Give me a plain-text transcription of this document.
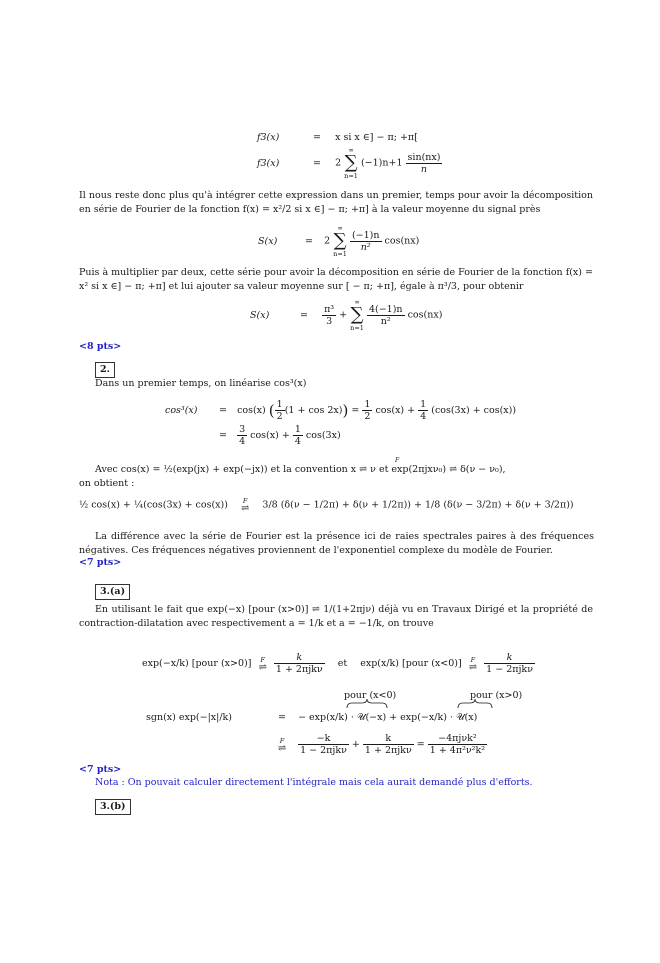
f3(x)	= x si x ∈] − π; +π[
f3(x)	= 2
∞
∑
n=1
$(-1)n+1 \frac{\sin(nx)}{n}$
Il nous reste donc plus qu'à intégrer cette expression dans un premier, temps pour avoir la décomposition en série de Fourier de la fonction f(x) = x²/2 si x ∈] − π; +π] à la valeur moyenne du signal près
S(x)	= 2
∞
∑
n=1

$\frac{(-1)n}{\text{n²}} \cos(nx)$
Puis à multiplier par deux, cette série pour avoir la décomposition en série de Fourier de la fonction f(x) = x² si x ∈] − π; +π] et lui ajouter sa valeur moyenne sur [ − π; +π], égale à π³/3, pour obtenir
S(x)	= $\frac{\text{π³}}{3}$ +
∞
∑
n=1

$\frac{4(-1)n}{\text{n²}} \cos(nx)$
<8 pts>
2.
Dans un premier temps, on linéarise cos³(x)
cos³(x) = cos(x) ( $\frac{1}{2} (1 + \cos 2x)) = \frac{1}{2} \cos(x) + \frac{1}{4} (\cos(3x) + \cos(x))$
= $\frac{3}{4} \cos(x) + \frac{1}{4} \cos(3x)$
Avec cos(x) = ½(exp(jx) + exp(−jx)) et la convention x ⇌ ν et exp(2πjxν₀) ⇌ δ(ν − ν₀),
F
on obtient :
½ cos(x) + ¼(cos(3x) + cos(x)) F
⇌ 3/8 (δ(ν − 1/2π) + δ(ν + 1/2π)) + 1/8 (δ(ν − 3/2π) + δ(ν + 3/2π))
La différence avec la série de Fourier est la présence ici de raies spectrales paires à des fréquences négatives. Ces fréquences négatives proviennent de l'exponentiel complexe du modèle de Fourier.
<7 pts>
3.(a)
En utilisant le fait que exp(−x) [pour (x>0)] ⇌ 1/(1+2πjν) déjà vu en Travaux Dirigé et la propriété de contraction-dilatation avec respectivement a = 1/k et a = −1/k, on trouve
exp(−x/k) [pour (x>0)] F
⇌
$\frac{k}{\text{1 + 2πjkν}}$ et exp(x/k) [pour (x<0)] F
⇌
$\frac{k}{\text{1 − 2πjkν}}$
pour (x<0)	pour (x>0)
sgn(x) exp(−|x|/k)	= − exp(x/k) · 𝒰(−x) + exp(−x/k) · 𝒰(x)

F
⇌
	$\frac{-k}{\text{1 − 2πjkν}} + \frac{k}{\text{1 + 2πjkν}} = \frac{\text{−4πjνk²}}{\text{1 + 4π²ν²k²}}$
<7 pts>
Nota : On pouvait calculer directement l'intégrale mais cela aurait demandé plus d'efforts.
3.(b)
